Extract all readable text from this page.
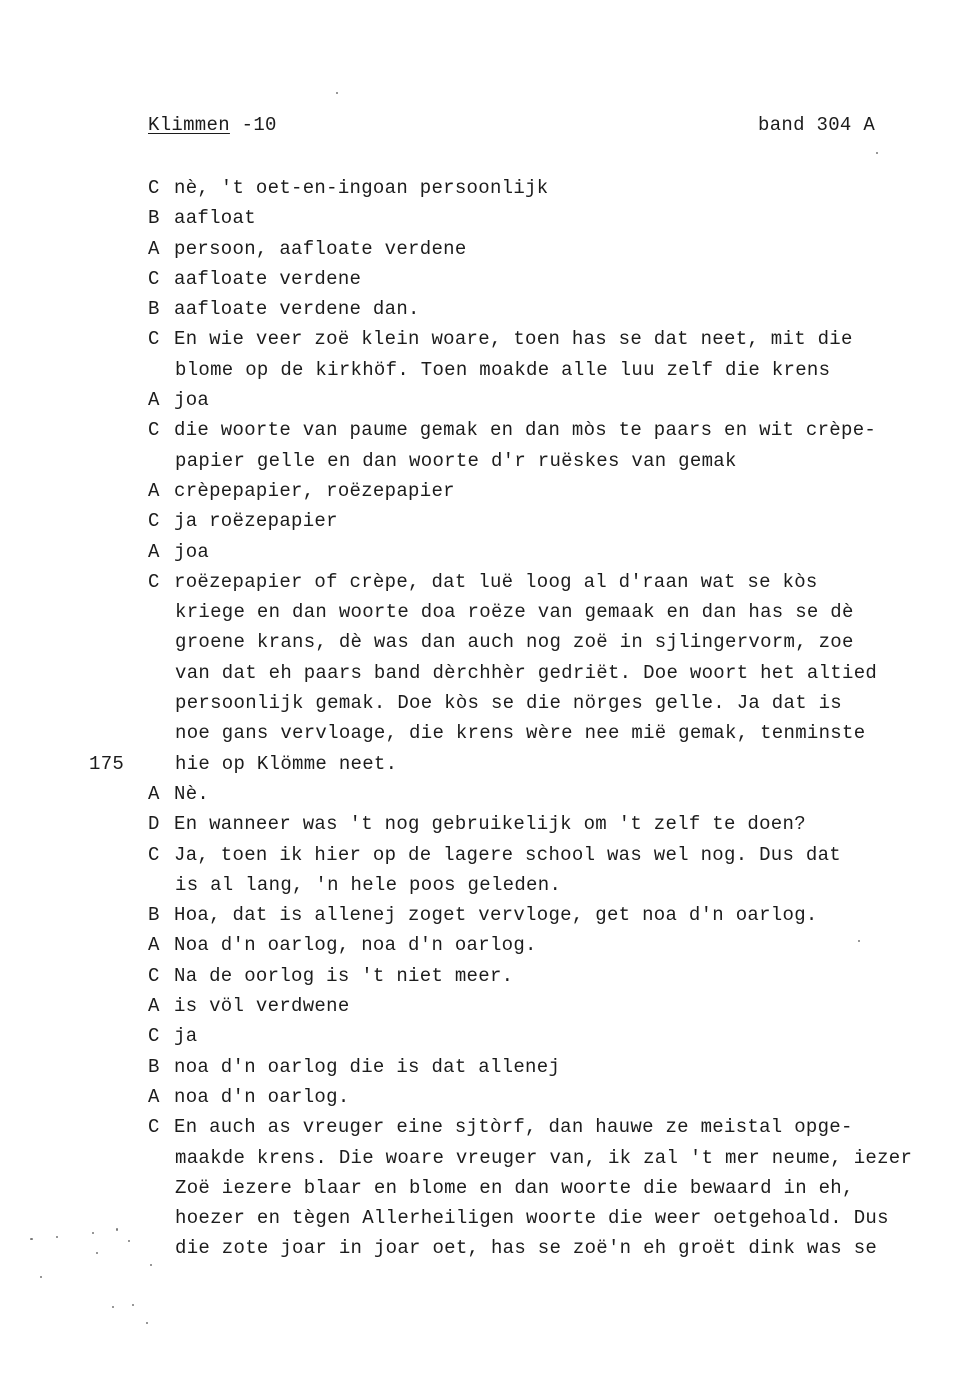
Klimmen -10	band 304 A
175
C nè, 't oet-en-ingoan persoonlijk
B aafloat
A persoon, aafloate verdene
C aafloate verdene
B aafloate verdene dan.
C En wie veer zoë klein woare, toen has se dat neet, mit die
blome op de kirkhöf. Toen moakde alle luu zelf die krens
A joa
C die woorte van paume gemak en dan mòs te paars en wit crèpe-
papier gelle en dan woorte d'r ruëskes van gemak
A crèpepapier, roëzepapier
C ja roëzepapier
A joa
C roëzepapier of crèpe, dat luë loog al d'raan wat se kòs
kriege en dan woorte doa roëze van gemaak en dan has se dè
groene krans, dè was dan auch nog zoë in sjlingervorm, zoe
van dat eh paars band dèrchhèr gedriët. Doe woort het altied
persoonlijk gemak. Doe kòs se die nörges gelle. Ja dat is
noe gans vervloage, die krens wère nee mië gemak, tenminste
hie op Klömme neet.
A Nè.
D En wanneer was 't nog gebruikelijk om 't zelf te doen?
C Ja, toen ik hier op de lagere school was wel nog. Dus dat
is al lang, 'n hele poos geleden.
B Hoa, dat is allenej zoget vervloge, get noa d'n oarlog.
A Noa d'n oarlog, noa d'n oarlog.
C Na de oorlog is 't niet meer.
A is völ verdwene
C ja
B noa d'n oarlog die is dat allenej
A noa d'n oarlog.
C En auch as vreuger eine sjtòrf, dan hauwe ze meistal opge-
maakde krens. Die woare vreuger van, ik zal 't mer neume, iezer
Zoë iezere blaar en blome en dan woorte die bewaard in eh,
hoezer en tègen Allerheiligen woorte die weer oetgehoald. Dus
die zote joar in joar oet, has se zoë'n eh groët dink was se
